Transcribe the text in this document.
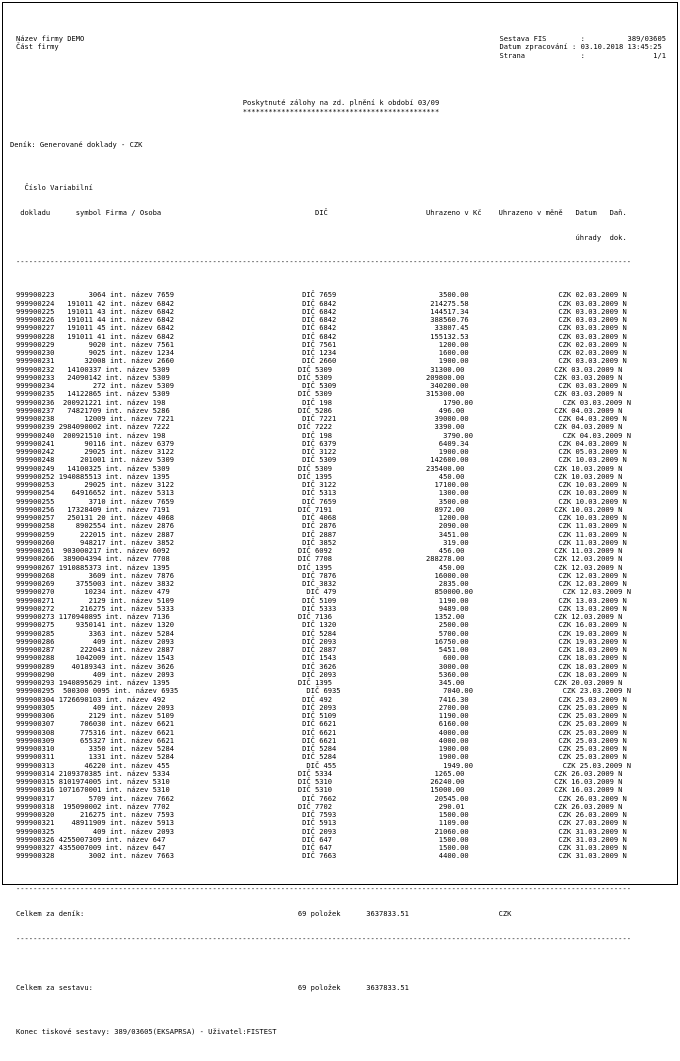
Název firmy DEMO
Část firmy
Sestava FIS        :          389/03605
Datum zpracování : 03.10.2018 13:45:25
Strana             :                1/1

Poskytnuté zálohy na zd. plnění k období 03/09
**********************************************

Deník: Generované doklady - CZK

Číslo Variabilní

dokladu      symbol Firma / Osoba                                    DIČ                       Uhrazeno v Kč    Uhrazeno v měně   Datum   Daň.

úhrady  dok.

------------------------------------------------------------------------------------------------------------------------------------------------

999900223        3064 int. název 7659                              DIČ 7659                        3500.00                     CZK 02.03.2009 N
999900224   191011 42 int. název 6842                              DIČ 6842                      214275.58                     CZK 03.03.2009 N
999900225   191011 43 int. název 6842                              DIČ 6842                      144517.34                     CZK 03.03.2009 N
999900226   191011 44 int. název 6842                              DIČ 6842                      388560.76                     CZK 03.03.2009 N
999900227   191011 45 int. název 6842                              DIČ 6842                       33807.45                     CZK 03.03.2009 N
999900228   191011 41 int. název 6842                              DIČ 6842                      155132.53                     CZK 03.03.2009 N
999900229        9020 int. název 7561                              DIČ 7561                        1200.00                     CZK 02.03.2009 N
999900230        9025 int. název 1234                              DIČ 1234                        1600.00                     CZK 02.03.2009 N
999900231       32008 int. název 2660                              DIČ 2660                        1900.00                     CZK 03.03.2009 N
999900232   14100337 int. název 5309                              DIČ 5309                       31300.00                     CZK 03.03.2009 N
999900233   24090142 int. název 5309                              DIČ 5309                      209800.00                     CZK 03.03.2009 N
999900234         272 int. název 5309                              DIČ 5309                      340200.00                     CZK 03.03.2009 N
999900235   14122865 int. název 5309                              DIČ 5309                      315300.00                     CZK 03.03.2009 N
999900236  200921221 int. název 198                                DIČ 198                          1790.00                     CZK 03.03.2009 N
999900237   74821709 int. název 5286                              DIČ 5286                         496.00                     CZK 04.03.2009 N
999900238       12009 int. název 7221                              DIČ 7221                       39000.00                     CZK 04.03.2009 N
999900239 2984090002 int. název 7222                              DIČ 7222                        3390.00                     CZK 04.03.2009 N
999900240  200921510 int. název 198                                DIČ 198                          3790.00                     CZK 04.03.2009 N
999900241       90116 int. název 6379                              DIČ 6379                        6409.34                     CZK 04.03.2009 N
999900242       29025 int. název 3122                              DIČ 3122                        1900.00                     CZK 05.03.2009 N
999900248      201001 int. název 5309                              DIČ 5309                      142600.00                     CZK 10.03.2009 N
999900249   14100325 int. název 5309                              DIČ 5309                      235400.00                     CZK 10.03.2009 N
999900252 1940885513 int. název 1395                              DIČ 1395                         450.00                     CZK 10.03.2009 N
999900253       29025 int. název 3122                              DIČ 3122                       17100.00                     CZK 10.03.2009 N
999900254    64916652 int. název 5313                              DIČ 5313                        1300.00                     CZK 10.03.2009 N
999900255        3710 int. název 7659                              DIČ 7659                        3500.00                     CZK 10.03.2009 N
999900256   17328409 int. název 7191                              DIČ 7191                        8972.00                     CZK 10.03.2009 N
999900257   250131 20 int. název 4068                              DIČ 4068                        1200.00                     CZK 10.03.2009 N
999900258     8902554 int. název 2876                              DIČ 2876                        2090.00                     CZK 11.03.2009 N
999900259      222015 int. název 2887                              DIČ 2887                        3451.00                     CZK 11.03.2009 N
999900260      948217 int. název 3852                              DIČ 3852                         319.00                     CZK 11.03.2009 N
999900261  903000217 int. název 6092                              DIČ 6092                         456.00                     CZK 11.03.2009 N
999900266  389004394 int. název 7708                              DIČ 7708                      288278.00                     CZK 12.03.2009 N
999900267 1910885373 int. název 1395                              DIČ 1395                         450.00                     CZK 12.03.2009 N
999900268        3609 int. název 7876                              DIČ 7876                       16000.00                     CZK 12.03.2009 N
999900269     3755003 int. název 3832                              DIČ 3832                        2835.00                     CZK 12.03.2009 N
999900270       10234 int. název 479                                DIČ 479                       850000.00                     CZK 12.03.2009 N
999900271        2129 int. název 5109                              DIČ 5109                        1190.00                     CZK 13.03.2009 N
999900272      216275 int. název 5333                              DIČ 5333                        9489.00                     CZK 13.03.2009 N
999900273 1170940895 int. název 7136                              DIČ 7136                        1352.00                     CZK 12.03.2009 N
999900275     9350141 int. název 1320                              DIČ 1320                        2500.00                     CZK 16.03.2009 N
999900285        3363 int. název 5284                              DIČ 5284                        5700.00                     CZK 19.03.2009 N
999900286         409 int. název 2093                              DIČ 2093                       16750.00                     CZK 19.03.2009 N
999900287      222043 int. název 2887                              DIČ 2887                        5451.00                     CZK 18.03.2009 N
999900288     1042009 int. název 1543                              DIČ 1543                         600.00                     CZK 18.03.2009 N
999900289    40189343 int. název 3626                              DIČ 3626                        3000.00                     CZK 18.03.2009 N
999900290         409 int. název 2093                              DIČ 2093                        5360.00                     CZK 18.03.2009 N
999900293 1940895629 int. název 1395                              DIČ 1395                         345.00                     CZK 20.03.2009 N
999900295  500300 0095 int. název 6935                              DIČ 6935                        7040.00                     CZK 23.03.2009 N
999900304 1726690103 int. název 492                                DIČ 492                         7416.30                     CZK 25.03.2009 N
999900305         409 int. název 2093                              DIČ 2093                        2700.00                     CZK 25.03.2009 N
999900306        2129 int. název 5109                              DIČ 5109                        1190.00                     CZK 25.03.2009 N
999900307      706030 int. název 6621                              DIČ 6621                        6160.00                     CZK 25.03.2009 N
999900308      775316 int. název 6621                              DIČ 6621                        4000.00                     CZK 25.03.2009 N
999900309      655327 int. název 6621                              DIČ 6621                        4000.00                     CZK 25.03.2009 N
999900310        3350 int. název 5284                              DIČ 5284                        1900.00                     CZK 25.03.2009 N
999900311        1331 int. název 5284                              DIČ 5284                        1900.00                     CZK 25.03.2009 N
999900313       46220 int. název 455                                DIČ 455                         1949.00                     CZK 25.03.2009 N
999900314 2109370385 int. název 5334                              DIČ 5334                        1265.00                     CZK 26.03.2009 N
999900315 8101974005 int. název 5310                              DIČ 5310                       26240.00                     CZK 16.03.2009 N
999900316 1071670001 int. název 5310                              DIČ 5310                       15000.00                     CZK 16.03.2009 N
999900317        5709 int. název 7662                              DIČ 7662                       20545.00                     CZK 26.03.2009 N
999900318  195090002 int. název 7702                              DIČ 7702                         290.01                     CZK 26.03.2009 N
999900320      216275 int. název 7593                              DIČ 7593                        1500.00                     CZK 26.03.2009 N
999900321    48911909 int. název 5913                              DIČ 5913                        1109.00                     CZK 27.03.2009 N
999900325         409 int. název 2093                              DIČ 2093                       21060.00                     CZK 31.03.2009 N
999900326 4255007309 int. název 647                                DIČ 647                         1500.00                     CZK 31.03.2009 N
999900327 4355007009 int. název 647                                DIČ 647                         1500.00                     CZK 31.03.2009 N
999900328        3002 int. název 7663                              DIČ 7663                        4400.00                     CZK 31.03.2009 N

------------------------------------------------------------------------------------------------------------------------------------------------

Celkem za deník:                                                  69 položek      3637833.51                     CZK

------------------------------------------------------------------------------------------------------------------------------------------------

Celkem za sestavu:                                                69 položek      3637833.51

Konec tiskové sestavy: 389/03605(EKSAPRSA) - Uživatel:FISTEST
